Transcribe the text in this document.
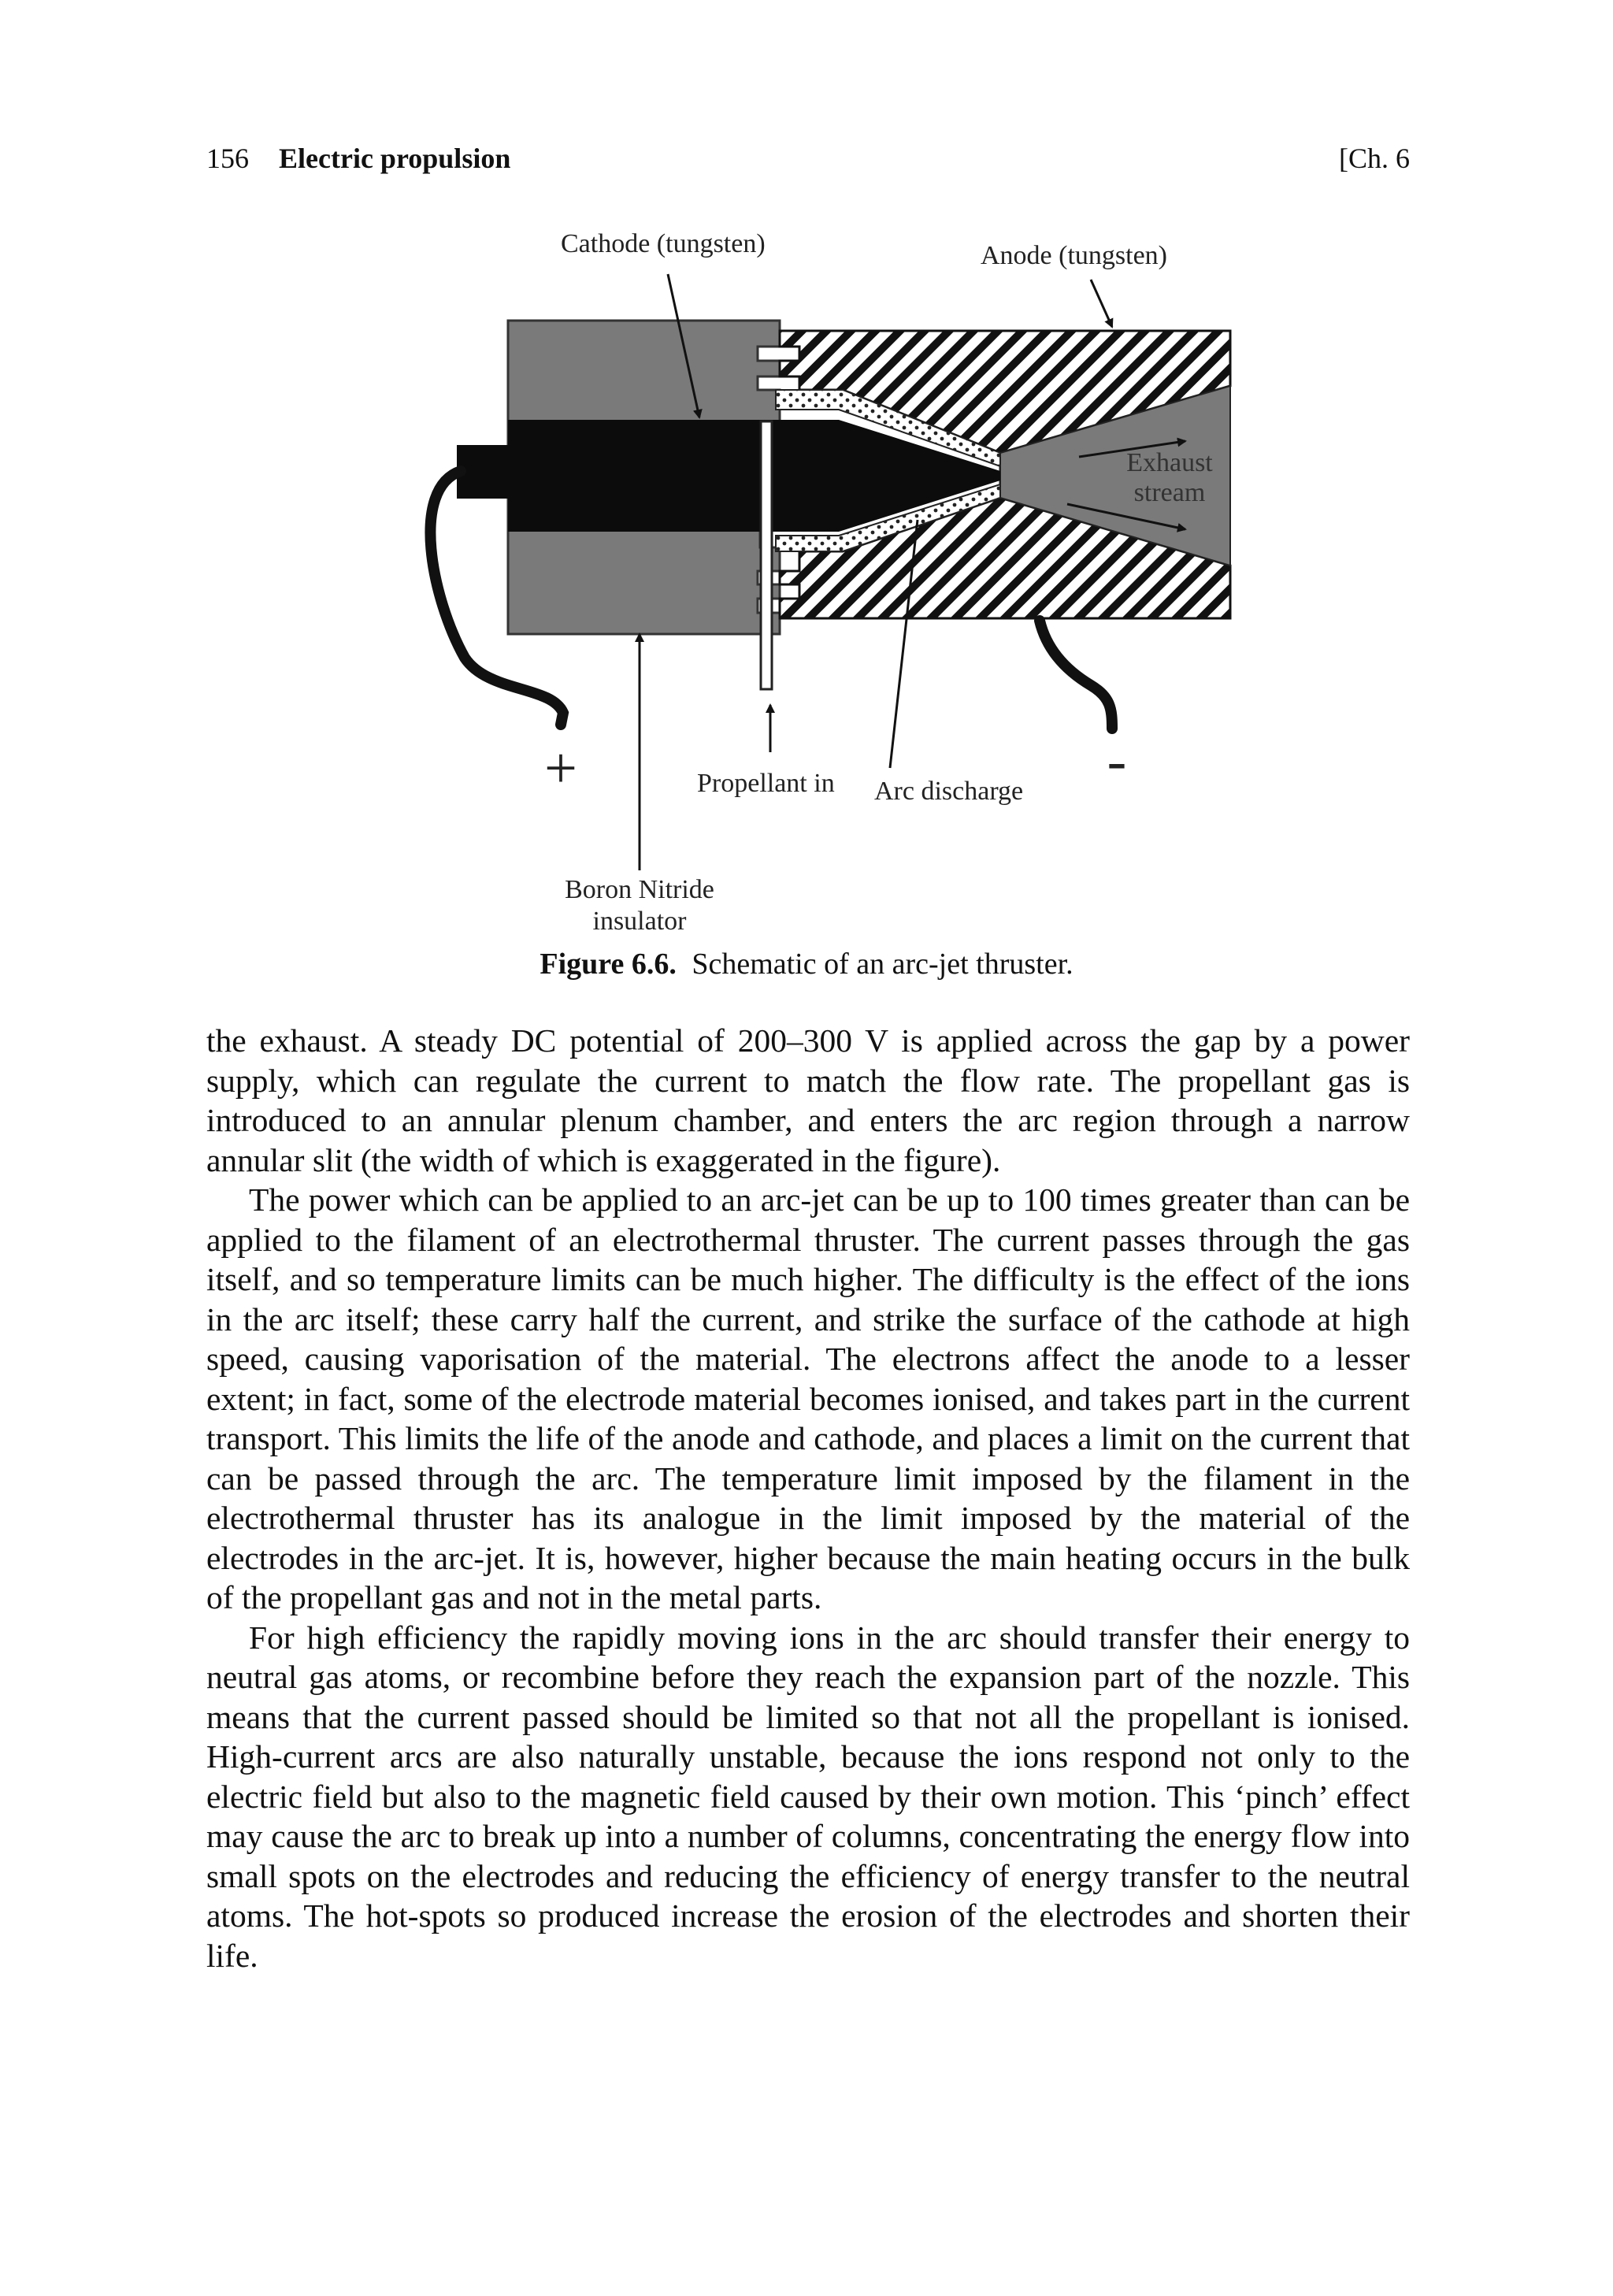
156 Electric propulsion	[Ch. 6
Cathode (tungsten)	Anode (tungsten)
Exhaust
stream
+	-
Propellant in Arc discharge
Boron Nitride
insulator
Figure 6.6. Schematic of an arc-jet thruster.

the exhaust. A steady DC potential of 200–300 V is applied across the gap by a power supply, which can regulate the current to match the flow rate. The propellant gas is introduced to an annular plenum chamber, and enters the arc region through a narrow annular slit (the width of which is exaggerated in the figure).

The power which can be applied to an arc-jet can be up to 100 times greater than can be applied to the filament of an electrothermal thruster. The current passes through the gas itself, and so temperature limits can be much higher. The difficulty is the effect of the ions in the arc itself; these carry half the current, and strike the surface of the cathode at high speed, causing vaporisation of the material. The electrons affect the anode to a lesser extent; in fact, some of the electrode material becomes ionised, and takes part in the current transport. This limits the life of the anode and cathode, and places a limit on the current that can be passed through the arc. The temperature limit imposed by the filament in the electrothermal thruster has its analogue in the limit imposed by the material of the electrodes in the arc-jet. It is, however, higher because the main heating occurs in the bulk of the propellant gas and not in the metal parts.

For high efficiency the rapidly moving ions in the arc should transfer their energy to neutral gas atoms, or recombine before they reach the expansion part of the nozzle. This means that the current passed should be limited so that not all the propellant is ionised. High-current arcs are also naturally unstable, because the ions respond not only to the electric field but also to the magnetic field caused by their own motion. This ‘pinch’ effect may cause the arc to break up into a number of columns, concentrating the energy flow into small spots on the electrodes and reducing the efficiency of energy transfer to the neutral atoms. The hot-spots so produced increase the erosion of the electrodes and shorten their life.
